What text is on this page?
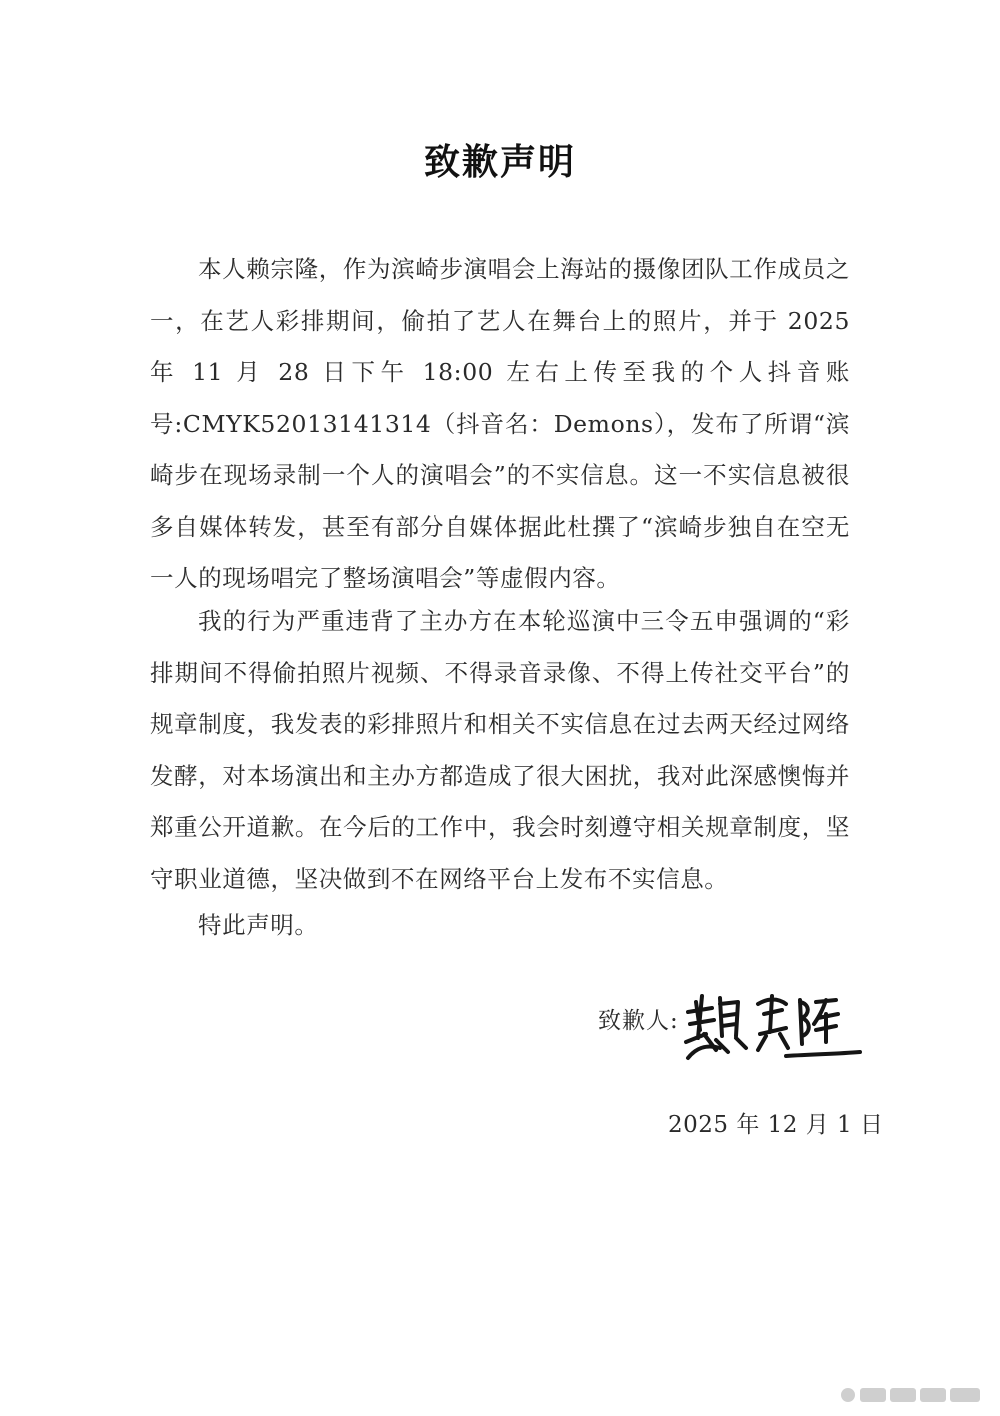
致歉声明

本人赖宗隆，作为滨崎步演唱会上海站的摄像团队工作成员之一，在艺人彩排期间，偷拍了艺人在舞台上的照片，并于 2025 年 11 月 28 日下午 18:00 左右上传至我的个人抖音账号:CMYK52013141314（抖音名：Demons），发布了所谓“滨崎步在现场录制一个人的演唱会”的不实信息。这一不实信息被很多自媒体转发，甚至有部分自媒体据此杜撰了“滨崎步独自在空无一人的现场唱完了整场演唱会”等虚假内容。

我的行为严重违背了主办方在本轮巡演中三令五申强调的“彩排期间不得偷拍照片视频、不得录音录像、不得上传社交平台”的规章制度，我发表的彩排照片和相关不实信息在过去两天经过网络发酵，对本场演出和主办方都造成了很大困扰，我对此深感懊悔并郑重公开道歉。在今后的工作中，我会时刻遵守相关规章制度，坚守职业道德，坚决做到不在网络平台上发布不实信息。

特此声明。

致歉人:
2025 年 12 月 1 日
